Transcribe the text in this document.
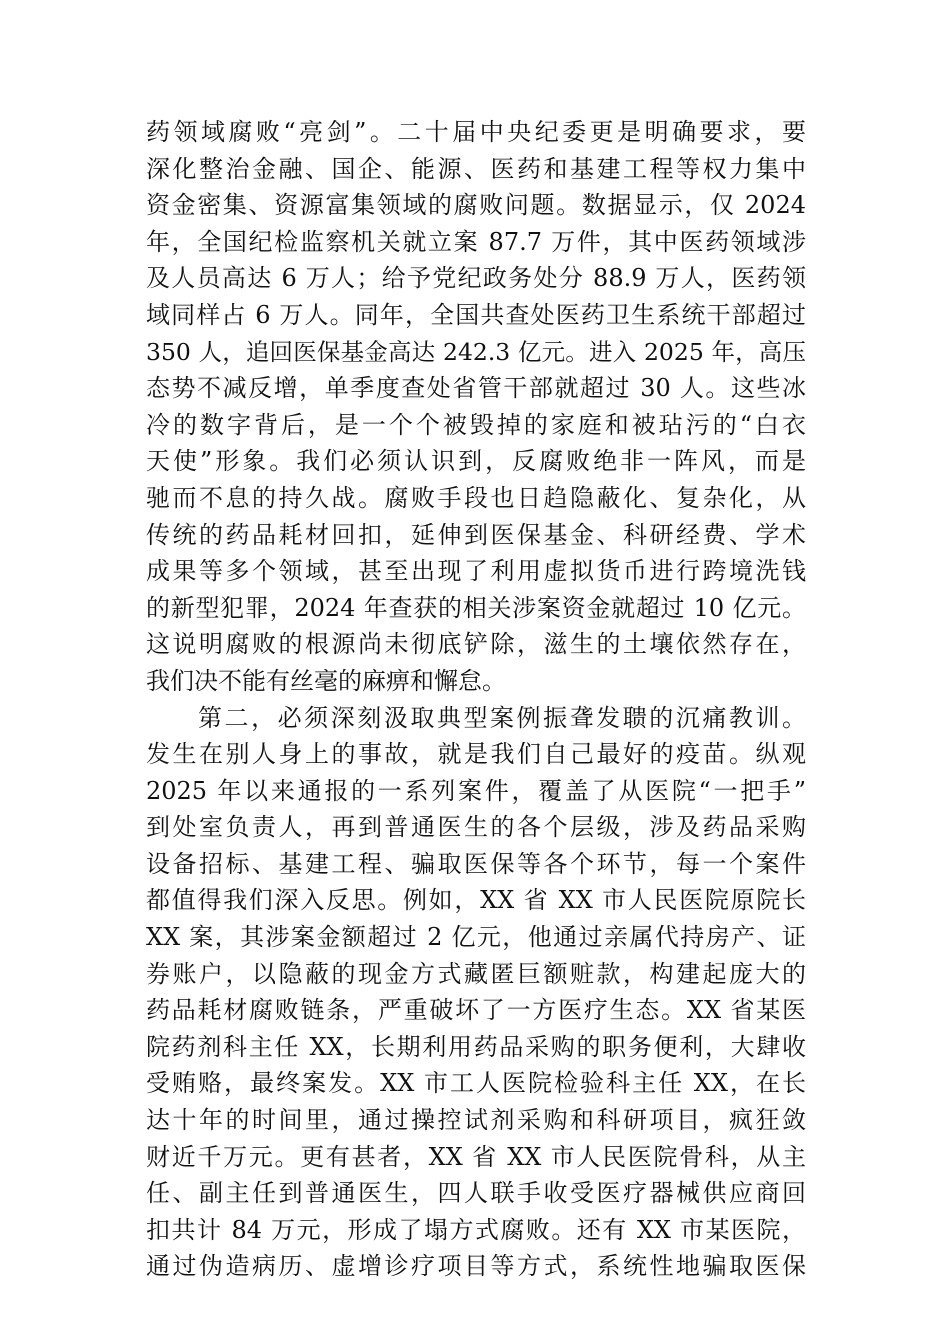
药领域腐败“亮剑”。二十届中央纪委更是明确要求，要
深化整治金融、国企、能源、医药和基建工程等权力集中
资金密集、资源富集领域的腐败问题。数据显示，仅 2024
年，全国纪检监察机关就立案 87.7 万件，其中医药领域涉
及人员高达 6 万人；给予党纪政务处分 88.9 万人，医药领
域同样占 6 万人。同年，全国共查处医药卫生系统干部超过
350 人，追回医保基金高达 242.3 亿元。进入 2025 年，高压
态势不减反增，单季度查处省管干部就超过 30 人。这些冰
冷的数字背后，是一个个被毁掉的家庭和被玷污的“白衣
天使”形象。我们必须认识到，反腐败绝非一阵风，而是
驰而不息的持久战。腐败手段也日趋隐蔽化、复杂化，从
传统的药品耗材回扣，延伸到医保基金、科研经费、学术
成果等多个领域，甚至出现了利用虚拟货币进行跨境洗钱
的新型犯罪，2024 年查获的相关涉案资金就超过 10 亿元。
这说明腐败的根源尚未彻底铲除，滋生的土壤依然存在，
我们决不能有丝毫的麻痹和懈怠。
第二，必须深刻汲取典型案例振聋发聩的沉痛教训。
发生在别人身上的事故，就是我们自己最好的疫苗。纵观
2025 年以来通报的一系列案件，覆盖了从医院“一把手”
到处室负责人，再到普通医生的各个层级，涉及药品采购
设备招标、基建工程、骗取医保等各个环节，每一个案件
都值得我们深入反思。例如，XX 省 XX 市人民医院原院长
XX 案，其涉案金额超过 2 亿元，他通过亲属代持房产、证
券账户，以隐蔽的现金方式藏匿巨额赃款，构建起庞大的
药品耗材腐败链条，严重破坏了一方医疗生态。XX 省某医
院药剂科主任 XX，长期利用药品采购的职务便利，大肆收
受贿赂，最终案发。XX 市工人医院检验科主任 XX，在长
达十年的时间里，通过操控试剂采购和科研项目，疯狂敛
财近千万元。更有甚者，XX 省 XX 市人民医院骨科，从主
任、副主任到普通医生，四人联手收受医疗器械供应商回
扣共计 84 万元，形成了塌方式腐败。还有 XX 市某医院，
通过伪造病历、虚增诊疗项目等方式，系统性地骗取医保
